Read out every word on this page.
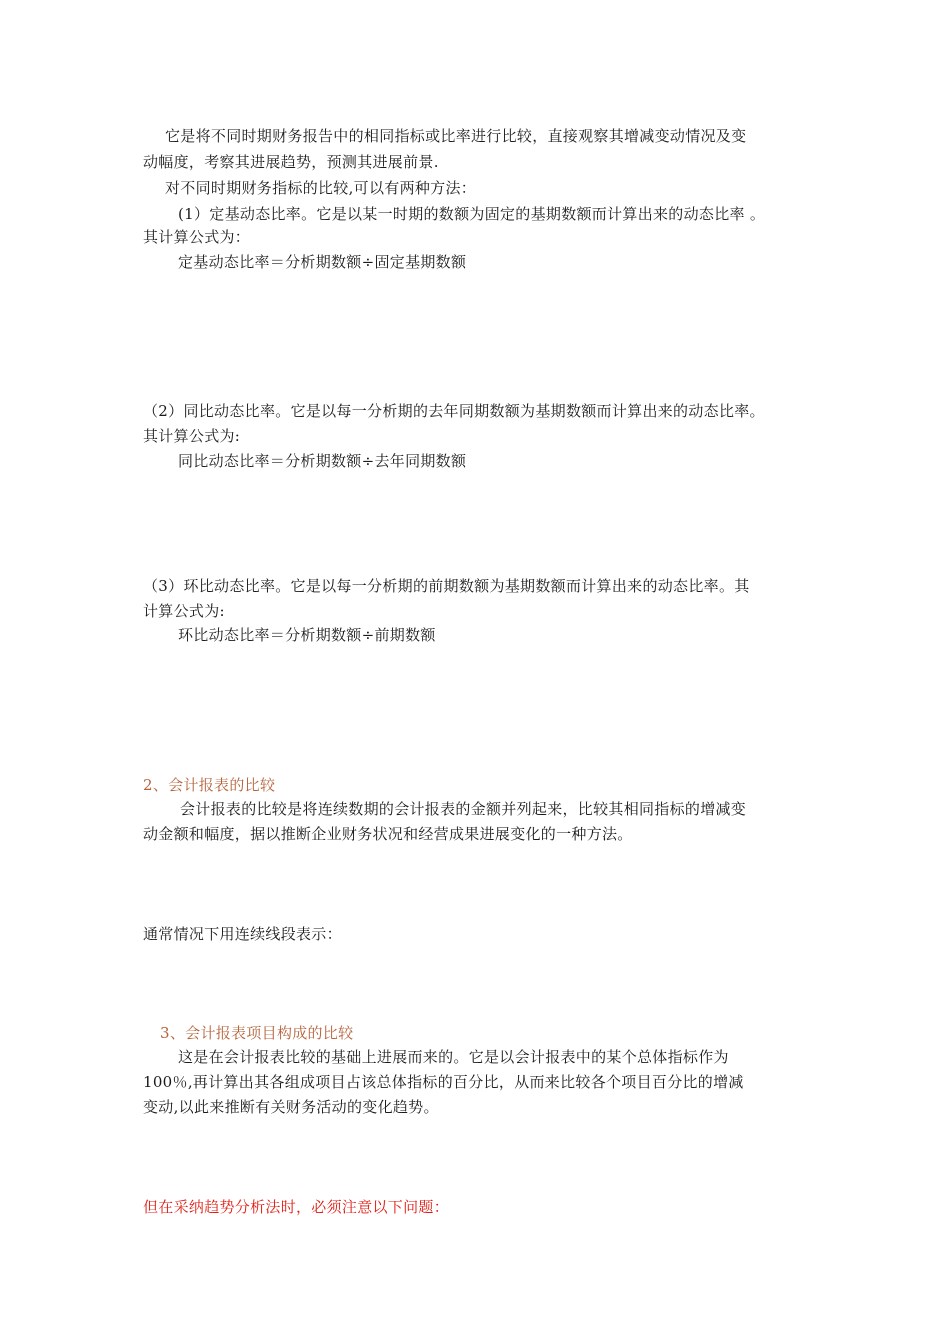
它是将不同时期财务报告中的相同指标或比率进行比较，直接观察其增减变动情况及变
动幅度，考察其进展趋势，预测其进展前景.
对不同时期财务指标的比较,可以有两种方法：
(1）定基动态比率。它是以某一时期的数额为固定的基期数额而计算出来的动态比率 。
其计算公式为：
定基动态比率＝分析期数额÷固定基期数额
（2）同比动态比率。它是以每一分析期的去年同期数额为基期数额而计算出来的动态比率。
其计算公式为:
同比动态比率＝分析期数额÷去年同期数额
（3）环比动态比率。它是以每一分析期的前期数额为基期数额而计算出来的动态比率。其
计算公式为:
环比动态比率＝分析期数额÷前期数额
2、会计报表的比较
会计报表的比较是将连续数期的会计报表的金额并列起来，比较其相同指标的增减变
动金额和幅度，据以推断企业财务状况和经营成果进展变化的一种方法。
通常情况下用连续线段表示：
3、会计报表项目构成的比较
这是在会计报表比较的基础上进展而来的。它是以会计报表中的某个总体指标作为
100％,再计算出其各组成项目占该总体指标的百分比，从而来比较各个项目百分比的增减
变动,以此来推断有关财务活动的变化趋势。
但在采纳趋势分析法时，必须注意以下问题：
